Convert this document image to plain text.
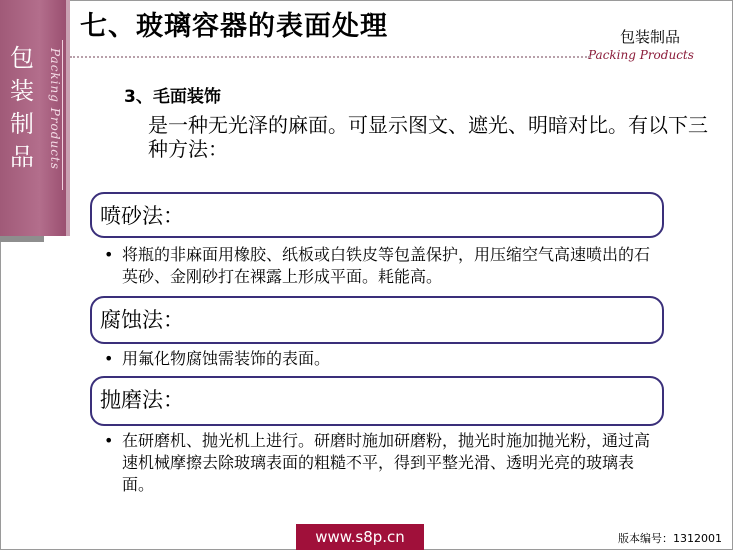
包装制品	Packing Products
七、玻璃容器的表面处理	包装制品
Packing Products
3、毛面装饰
是一种无光泽的麻面。可显示图文、遮光、明暗对比。有以下三种方法：
喷砂法：
• 将瓶的非麻面用橡胶、纸板或白铁皮等包盖保护，用压缩空气高速喷出的石英砂、金刚砂打在裸露上形成平面。耗能高。
腐蚀法：
• 用氟化物腐蚀需装饰的表面。
抛磨法：
• 在研磨机、抛光机上进行。研磨时施加研磨粉，抛光时施加抛光粉，通过高速机械摩擦去除玻璃表面的粗糙不平，得到平整光滑、透明光亮的玻璃表面。
www.s8p.cn	版本编号：1312001
